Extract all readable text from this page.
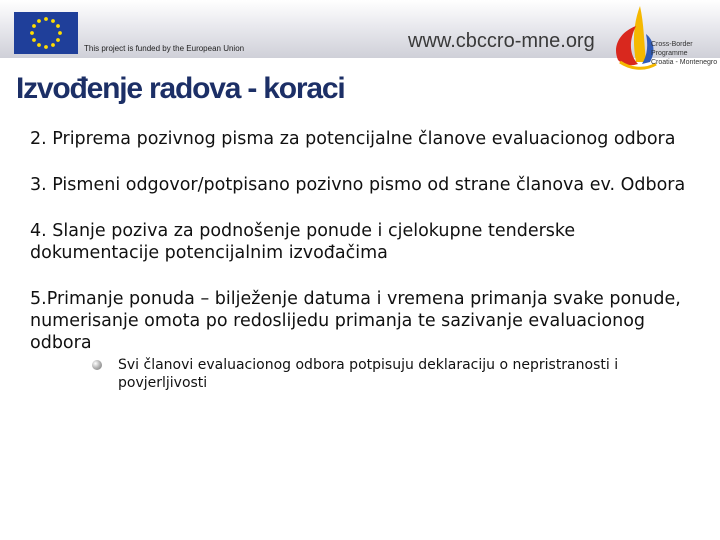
This project is funded by the European Union	www.cbccro-mne.org	Cross-Border
Programme
Croatia - Montenegro
Izvođenje radova - koraci

2. Priprema pozivnog pisma za potencijalne članove evaluacionog odbora

3. Pismeni odgovor/potpisano pozivno pismo od strane članova ev. Odbora

4. Slanje poziva za podnošenje ponude i cjelokupne tenderske dokumentacije potencijalnim izvođačima

5.Primanje ponuda – bilježenje datuma i vremena primanja svake ponude, numerisanje omota po redoslijedu primanja te sazivanje evaluacionog odbora

Svi članovi evaluacionog odbora potpisuju deklaraciju o nepristranosti i povjerljivosti
